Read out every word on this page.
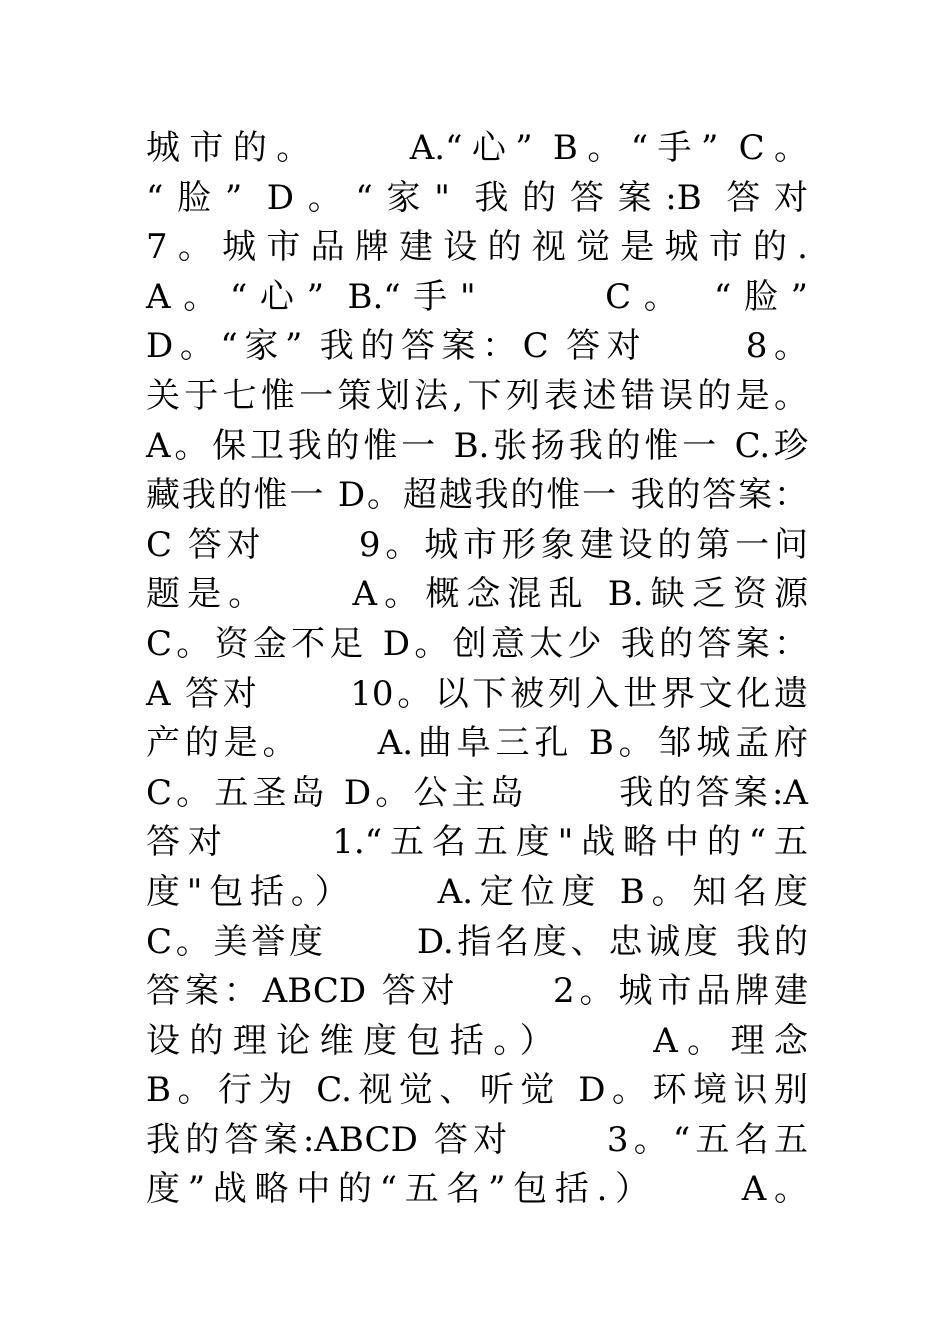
城市的。　　 A.“心” B。“手” C。
“脸” D。“家" 我的答案:B 答对
7。城市品牌建设的视觉是城市的.
A。“心” B.“手"　　 C。 “脸”
D。“家” 我的答案：C 答对　　 8。
关于七惟一策划法,下列表述错误的是。
A。保卫我的惟一 B.张扬我的惟一 C.珍
藏我的惟一 D。超越我的惟一 我的答案：
C 答对　　 9。城市形象建设的第一问
题是。　　 A。概念混乱 B.缺乏资源
C。资金不足 D。创意太少 我的答案：
A 答对　　 10。以下被列入世界文化遗
产的是。　　 A.曲阜三孔 B。邹城孟府
C。五圣岛 D。公主岛　　 我的答案:A
答对　　 1.“五名五度"战略中的“五
度"包括。）　　 A.定位度 B。知名度
C。美誉度　　 D.指名度、忠诚度 我的
答案：ABCD 答对　　 2。城市品牌建
设的理论维度包括。）　　 A。理念
B。行为 C.视觉、听觉 D。环境识别
我的答案:ABCD 答对　　 3。“五名五
度”战略中的“五名”包括.）　　 A。
